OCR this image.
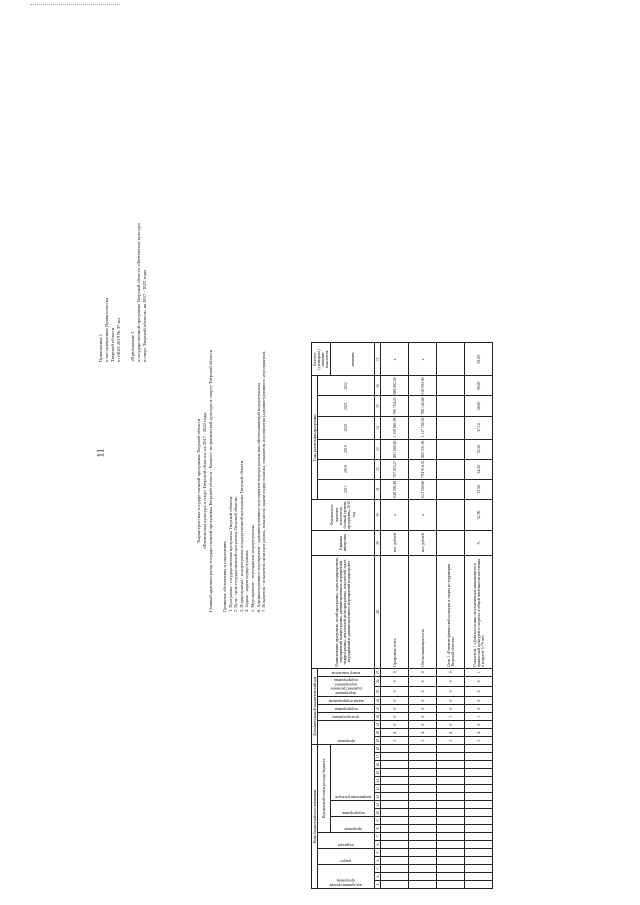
11
Приложение 1 к постановлению Правительства Тверской области от 08.02.2019 № 37-пп «Приложение 1 к государственной программе Тверской области «Физическая культура и спорт Тверской области» на 2017 - 2022 годы
Характеристика государственной программы Тверской области «Физическая культура и спорт Тверской области» на 2017 - 2022 годы Главный администратор государственной программы Тверской области - Комитет по физической культуре и спорту Тверской области Принятые обозначения и сокращения: 1. Программа - государственная программа Тверской области. 2. Цель - цель государственной программы Тверской области. 3. Подпрограмма - подпрограмма государственной программы Тверской области. 4. Задача - задача подпрограммы. 5. Мероприятие - мероприятие подпрограммы. 6. Административное мероприятие - административное мероприятие подпрограммы или обеспечивающей подпрограммы. 7. Показатель - показатель цели программы, показатель задачи подпрограммы, показатель мероприятия (административного мероприятия).
Коды бюджетной классификации																		Дополнительный аналитический код									Наименование программы, целей программы, задач подпрограммы, мероприятий подпрограммы, административных мероприятий подпрограммы, показателей цели программы, показателей задач, мероприятий и административных мероприятий подпрограмм	Единица измерения	Фактическое значение показателя – базовый уровень программы, 2016 год	Годы реализации программы						Целевое (суммарное) значение показателя

код администратора программы			раздел		подраздел		Код целевой статьи расхода бюджета											программа			цель программы	подпрограмма	задача подпрограммы	мероприятие (административное мероприятие) подпрограммы		номер показателя				2017	2018	2019	2020	2021	2022	

							программа		подпрограмма		направление расходов																									значение
1	2	3	4	5	6	7	8	9	10	11	12	13	14	15	16	17	18	19	20	21	22	23	24	25	26	27	28	29	30	31	32	33	34	35	36	37
																		3	4	0	0	0	0	0	0	0	Программа, всего	тыс. рублей	х	648 593,49	767 053,27	867 680,40	1 159 881,99	790 764,25	680 092,50	х
																		3	4	0	0	0	0	0	0	0	Обеспечивающая часть	тыс. рублей	х	623 550,80	794 918,32	865 531,00	1 137 766,50	788 140,80	618 593,90	х
																		3	4	0	1	0	0	0	0	0	Цель 1 «Развитие физической культуры и спорта на территории Тверской области»									
																		3	4	0	1	0	0	0	0	1	Показатель 1 «Доля населения, систематически занимающегося физической культурой и спортом, в общей численности населения в возрасте 3-79 лет»	%	32,90	33,50	34,50	35,50	37,10	38,00	39,00	39,00
